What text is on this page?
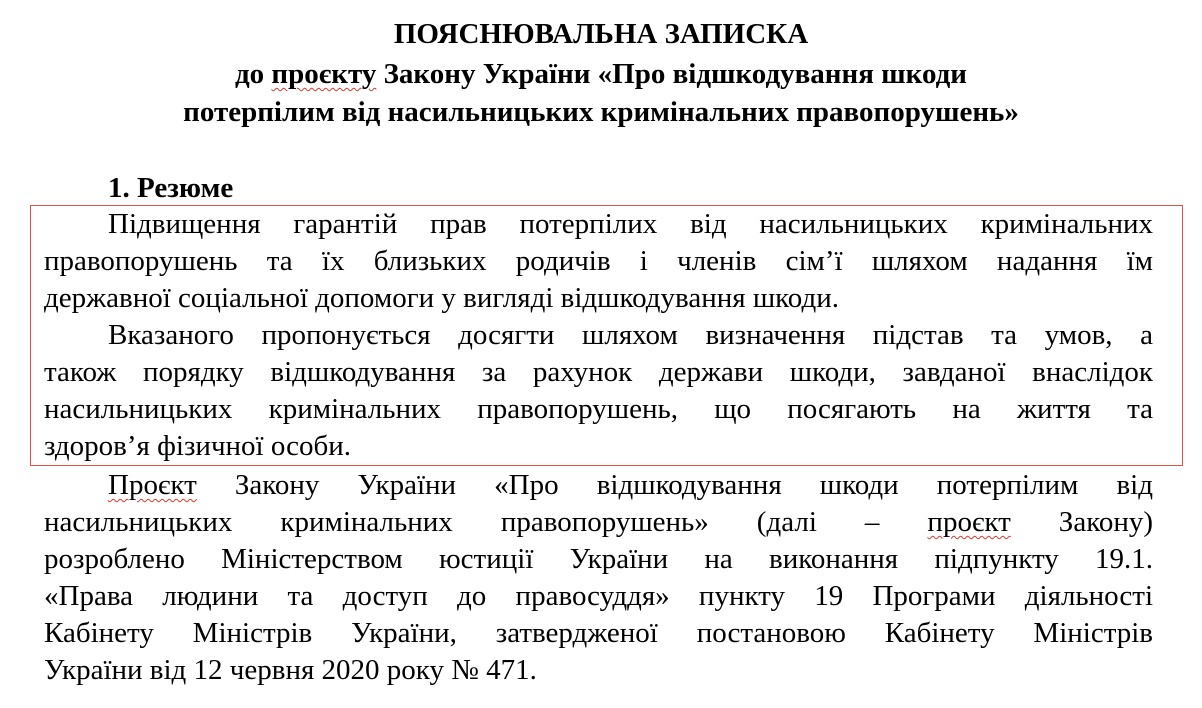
ПОЯСНЮВАЛЬНА ЗАПИСКА
до проєкту Закону України «Про відшкодування шкоди
потерпілим від насильницьких кримінальних правопорушень»
1. Резюме
Підвищення гарантій прав потерпілих від насильницьких кримінальних
правопорушень та їх близьких родичів і членів сім’ї шляхом надання їм
державної соціальної допомоги у вигляді відшкодування шкоди.
Вказаного пропонується досягти шляхом визначення підстав та умов, а
також порядку відшкодування за рахунок держави шкоди, завданої внаслідок
насильницьких кримінальних правопорушень, що посягають на життя та
здоров’я фізичної особи.
Проєкт Закону України «Про відшкодування шкоди потерпілим від
насильницьких кримінальних правопорушень» (далі – проєкт Закону)
розроблено Міністерством юстиції України на виконання підпункту 19.1.
«Права людини та доступ до правосуддя» пункту 19 Програми діяльності
Кабінету Міністрів України, затвердженої постановою Кабінету Міністрів
України від 12 червня 2020 року № 471.
